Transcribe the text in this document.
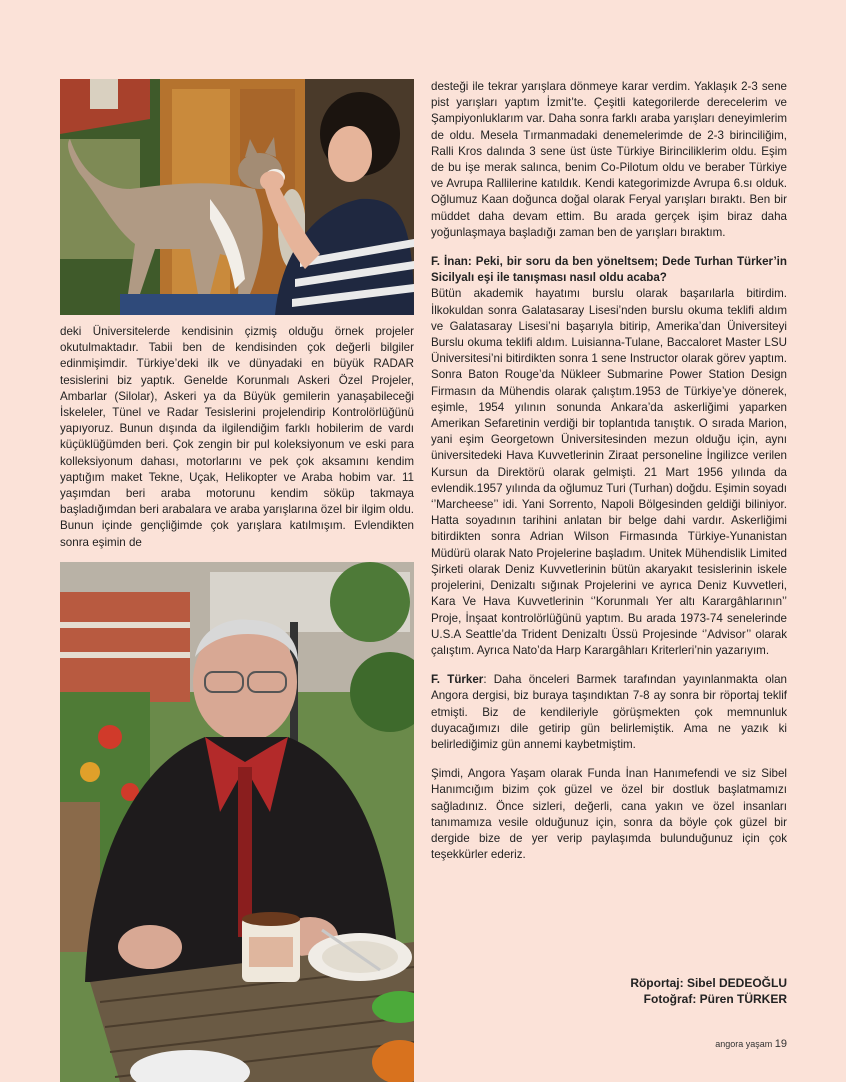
deki Üniversitelerde kendisinin çizmiş olduğu örnek projeler okutulmaktadır. Tabii ben de kendisinden çok değerli bilgiler edinmişimdir. Türkiye’deki ilk ve dünyadaki en büyük RADAR tesislerini biz yaptık. Genelde Korunmalı Askeri Özel Projeler, Ambarlar (Silolar), Askeri ya da Büyük gemilerin yanaşabileceği İskeleler, Tünel ve Radar Tesislerini projelendirip Kontrolörlüğünü yapıyoruz. Bunun dışında da ilgilendiğim farklı hobilerim de vardı küçüklüğümden beri. Çok zengin bir pul koleksiyonum ve eski para kolleksiyonum dahası, motorlarını ve pek çok aksamını kendim yaptığım maket Tekne, Uçak, Helikopter ve Araba hobim var. 11 yaşımdan beri araba motorunu kendim söküp takmaya başladığımdan beri arabalara ve araba yarışlarına özel bir ilgim oldu. Bunun içinde gençliğimde çok yarışlara katılmışım. Evlendikten sonra eşimin de

desteği ile tekrar yarışlara dönmeye karar verdim. Yaklaşık 2-3 sene pist yarışları yaptım İzmit’te. Çeşitli kategorilerde derecelerim ve Şampiyonluklarım var. Daha sonra farklı araba yarışları deneyimlerim de oldu. Mesela Tırmanmadaki denemelerimde de 2-3 birinciliğim, Ralli Kros dalında 3 sene üst üste Türkiye Birinciliklerim oldu. Eşim de bu işe merak salınca, benim Co-Pilotum oldu ve beraber Türkiye ve Avrupa Rallilerine katıldık. Kendi kategorimizde Avrupa 6.sı olduk. Oğlumuz Kaan doğunca doğal olarak Feryal yarışları bıraktı. Ben bir müddet daha devam ettim. Bu arada gerçek işim biraz daha yoğunlaşmaya başladığı zaman ben de yarışları bıraktım.

F. İnan: Peki, bir soru da ben yöneltsem; Dede Turhan Türker’in Sicilyalı eşi ile tanışması nasıl oldu acaba?

Bütün akademik hayatımı burslu olarak başarılarla bitirdim. İlkokuldan sonra Galatasaray Lisesi’nden burslu okuma teklifi aldım ve Galatasaray Lisesi’ni başarıyla bitirip, Amerika’dan Üniversiteyi Burslu okuma teklifi aldım. Luisianna-Tulane, Baccaloret Master LSU Üniversitesi’ni bitirdikten sonra 1 sene Instructor olarak görev yaptım. Sonra Baton Rouge’da Nükleer Submarine Power Station Design Firmasın da Mühendis olarak çalıştım.1953 de Türkiye’ye dönerek, eşimle, 1954 yılının sonunda Ankara’da askerliğimi yaparken Amerikan Sefaretinin verdiği bir toplantıda tanıştık. O sırada Marion, yani eşim Georgetown Üniversitesinden mezun olduğu için, aynı üniversitedeki Hava Kuvvetlerinin Ziraat personeline İngilizce verilen Kursun da Direktörü olarak gelmişti. 21 Mart 1956 yılında da evlendik.1957 yılında da oğlumuz Turi (Turhan) doğdu. Eşimin soyadı ‘’Marcheese’’ idi. Yani Sorrento, Napoli Bölgesinden geldiği biliniyor. Hatta soyadının tarihini anlatan bir belge dahi vardır. Askerliğimi bitirdikten sonra Adrian Wilson Firmasında Türkiye-Yunanistan Müdürü olarak Nato Projelerine başladım. Unitek Mühendislik Limited Şirketi olarak Deniz Kuvvetlerinin bütün akaryakıt tesislerinin iskele projelerini, Denizaltı sığınak Projelerini ve ayrıca Deniz Kuvvetleri, Kara Ve Hava Kuvvetlerinin ‘’Korunmalı Yer altı Karargâhlarının’’ Proje, İnşaat kontrolörlüğünü yaptım. Bu arada 1973-74 senelerinde U.S.A Seattle’da Trident Denizaltı Üssü Projesinde ‘’Advisor’’ olarak çalıştım. Ayrıca Nato’da Harp Karargâhları Kriterleri’nin yazarıyım.

F. Türker: Daha önceleri Barmek tarafından yayınlanmakta olan Angora dergisi, biz buraya taşındıktan 7-8 ay sonra bir röportaj teklif etmişti. Biz de kendileriyle görüşmekten çok memnunluk duyacağımızı dile getirip gün belirlemiştik. Ama ne yazık ki belirlediğimiz gün annemi kaybetmiştim.

Şimdi, Angora Yaşam olarak Funda İnan Hanımefendi ve siz Sibel Hanımcığım bizim çok güzel ve özel bir dostluk başlatmamızı sağladınız. Önce sizleri, değerli, cana yakın ve özel insanları tanımamıza vesile olduğunuz için, sonra da böyle çok güzel bir dergide bize de yer verip paylaşımda bulunduğunuz için çok teşekkürler ederiz.

Röportaj: Sibel DEDEOĞLU
Fotoğraf: Püren TÜRKER
angora yaşam 19
